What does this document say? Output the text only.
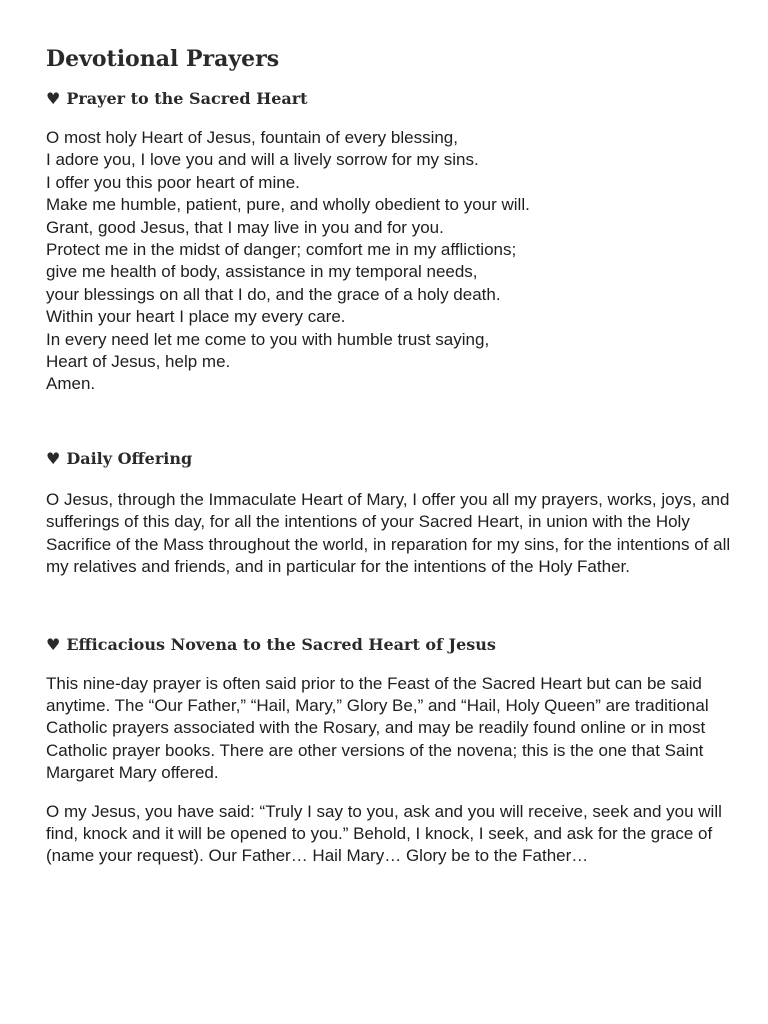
Devotional Prayers
♥ Prayer to the Sacred Heart
O most holy Heart of Jesus, fountain of every blessing,
I adore you, I love you and will a lively sorrow for my sins.
I offer you this poor heart of mine.
Make me humble, patient, pure, and wholly obedient to your will.
Grant, good Jesus, that I may live in you and for you.
Protect me in the midst of danger; comfort me in my afflictions;
give me health of body, assistance in my temporal needs,
your blessings on all that I do, and the grace of a holy death.
Within your heart I place my every care.
In every need let me come to you with humble trust saying,
Heart of Jesus, help me.
Amen.
♥ Daily Offering

O Jesus, through the Immaculate Heart of Mary, I offer you all my prayers, works, joys, and sufferings of this day, for all the intentions of your Sacred Heart, in union with the Holy Sacrifice of the Mass throughout the world, in reparation for my sins, for the intentions of all my relatives and friends, and in particular for the intentions of the Holy Father.

♥ Efficacious Novena to the Sacred Heart of Jesus

This nine-day prayer is often said prior to the Feast of the Sacred Heart but can be said anytime. The “Our Father,” “Hail, Mary,” Glory Be,” and “Hail, Holy Queen” are traditional Catholic prayers associated with the Rosary, and may be readily found online or in most Catholic prayer books. There are other versions of the novena; this is the one that Saint Margaret Mary offered.

O my Jesus, you have said: “Truly I say to you, ask and you will receive, seek and you will find, knock and it will be opened to you.” Behold, I knock, I seek, and ask for the grace of (name your request). Our Father… Hail Mary… Glory be to the Father…
